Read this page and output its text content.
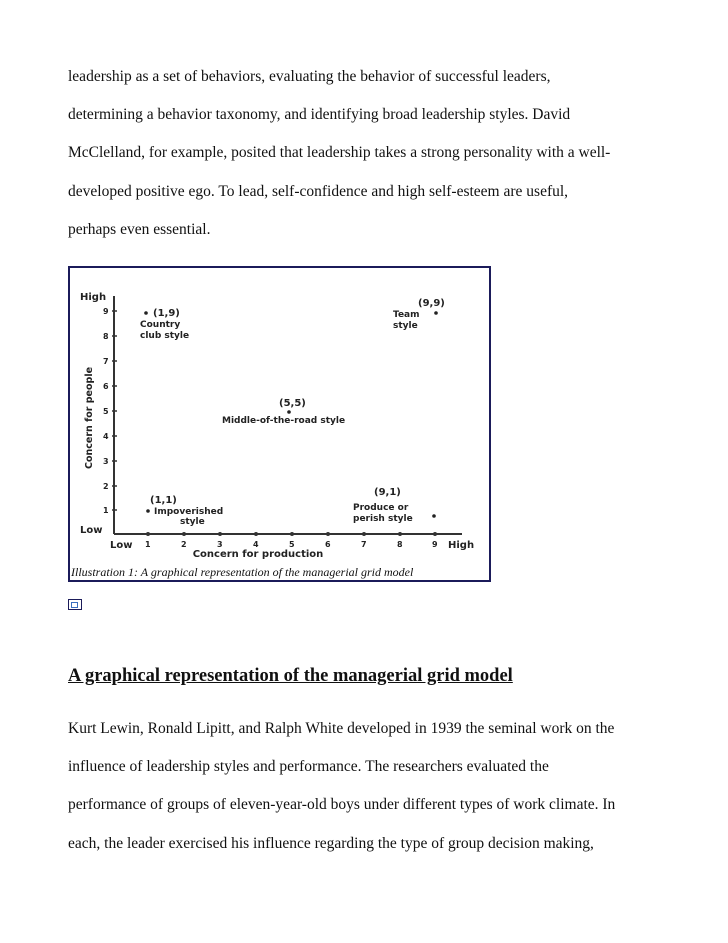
leadership as a set of behaviors, evaluating the behavior of successful leaders,
determining a behavior taxonomy, and identifying broad leadership styles. David
McClelland, for example, posited that leadership takes a strong personality with a well-
developed positive ego. To lead, self-confidence and high self-esteem are useful,
perhaps even essential.
High
Low
Low	High
Concern for people
Concern for production
9
8
7
6
5
4
3
2
1
1	2	3	4	5	6	7	8	9
(1,9)
Country
club style
(9,9)
Team
style
(5,5)
Middle-of-the-road style
(1,1)
Impoverished
style
(9,1)
Produce or
perish style
Illustration 1: A graphical representation of the managerial grid model
A graphical representation of the managerial grid model
Kurt Lewin, Ronald Lipitt, and Ralph White developed in 1939 the seminal work on the
influence of leadership styles and performance. The researchers evaluated the
performance of groups of eleven-year-old boys under different types of work climate. In
each, the leader exercised his influence regarding the type of group decision making,
